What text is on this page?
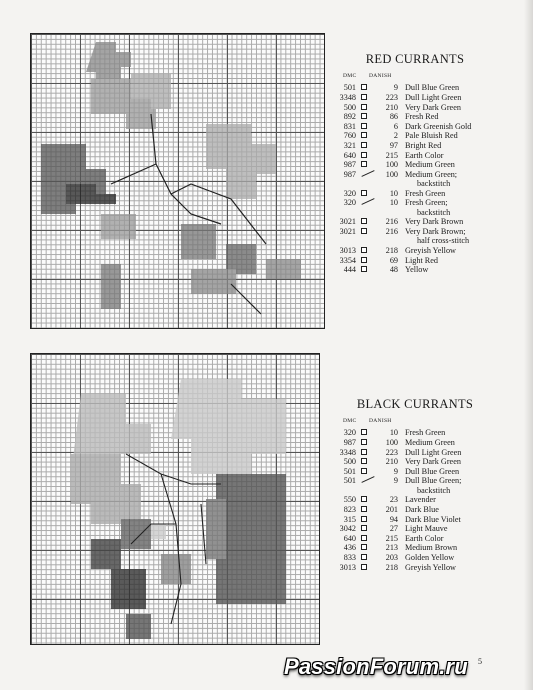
RED CURRANTS
DMC DANISH
501	9 Dull Blue Green
3348	223 Dull Light Green
500	210 Very Dark Green
892	86 Fresh Red
831	6 Dark Greenish Gold
760	2 Pale Bluish Red
321	97 Bright Red
640	215 Earth Color
987	100 Medium Green
987	100 Medium Green;
backstitch
320	10 Fresh Green
320	10 Fresh Green;
backstitch
3021	216 Very Dark Brown
3021	216 Very Dark Brown;
half cross-stitch
3013	218 Greyish Yellow
3354	69 Light Red
444	48 Yellow
BLACK CURRANTS
DMC DANISH
320	10 Fresh Green
987	100 Medium Green
3348	223 Dull Light Green
500	210 Very Dark Green
501	9 Dull Blue Green
501	9 Dull Blue Green;
backstitch
550	23 Lavender
823	201 Dark Blue
315	94 Dark Blue Violet
3042	27 Light Mauve
640	215 Earth Color
436	213 Medium Brown
833	203 Golden Yellow
3013	218 Greyish Yellow
5
PassionForum.ru
